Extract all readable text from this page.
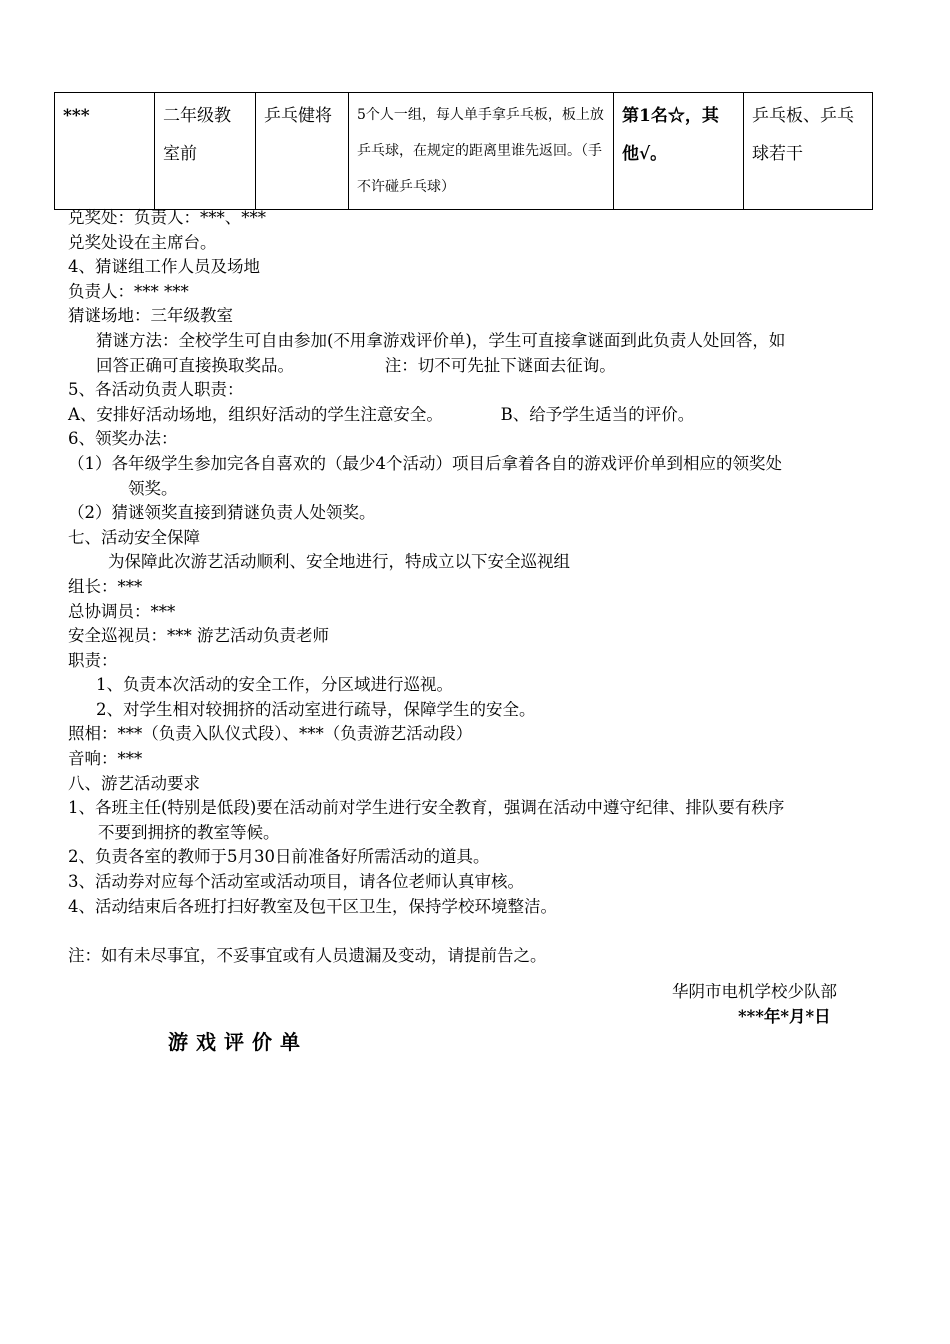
***	二年级教室前	乒乓健将	5个人一组，每人单手拿乒乓板，板上放乒乓球，在规定的距离里谁先返回。（手不许碰乒乓球）	第1名☆，其他√。	乒乓板、乒乓球若干
兑奖处：负责人：***、***
兑奖处设在主席台。
4、猜谜组工作人员及场地
负责人：*** ***
猜谜场地：三年级教室
猜谜方法：全校学生可自由参加(不用拿游戏评价单)，学生可直接拿谜面到此负责人处回答，如
回答正确可直接换取奖品。　　　　　　注：切不可先扯下谜面去征询。
5、各活动负责人职责：
A、安排好活动场地，组织好活动的学生注意安全。　　　　B、给予学生适当的评价。
6、领奖办法：
（1）各年级学生参加完各自喜欢的（最少4个活动）项目后拿着各自的游戏评价单到相应的领奖处
领奖。
（2）猜谜领奖直接到猜谜负责人处领奖。
七、活动安全保障
为保障此次游艺活动顺利、安全地进行，特成立以下安全巡视组
组长：***
总协调员：***
安全巡视员：*** 游艺活动负责老师
职责：
1、负责本次活动的安全工作，分区域进行巡视。
2、对学生相对较拥挤的活动室进行疏导，保障学生的安全。
照相：***（负责入队仪式段）、***（负责游艺活动段）
音响：***
八、游艺活动要求
1、各班主任(特别是低段)要在活动前对学生进行安全教育，强调在活动中遵守纪律、排队要有秩序
不要到拥挤的教室等候。
2、负责各室的教师于5月30日前准备好所需活动的道具。
3、活动券对应每个活动室或活动项目，请各位老师认真审核。
4、活动结束后各班打扫好教室及包干区卫生，保持学校环境整洁。
注：如有未尽事宜，不妥事宜或有人员遗漏及变动，请提前告之。
华阴市电机学校少队部
***年*月*日
游戏评价单
